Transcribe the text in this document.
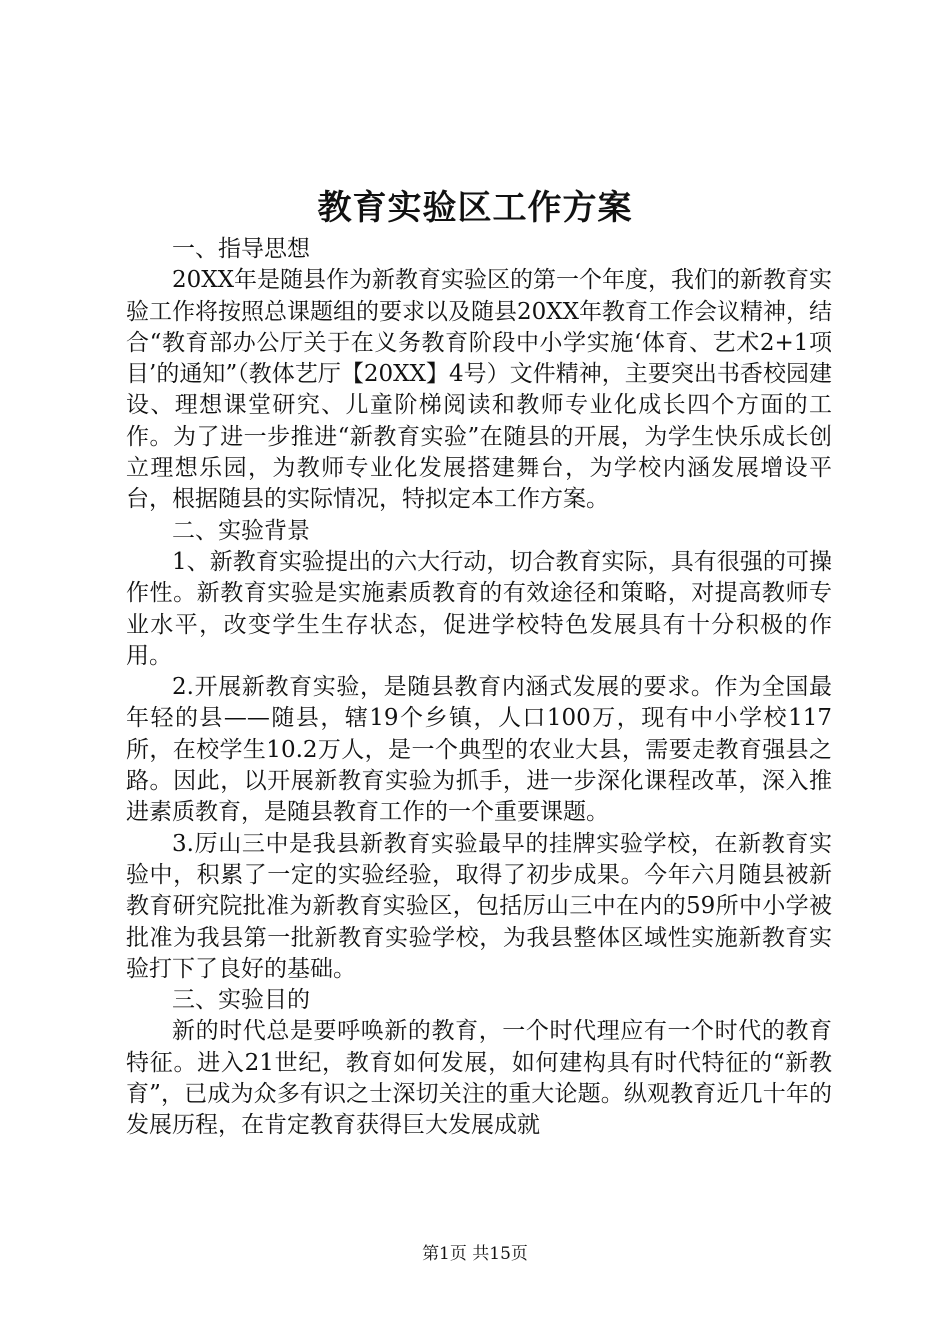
教育实验区工作方案

一、指导思想

20XX年是随县作为新教育实验区的第一个年度，我们的新教育实验工作将按照总课题组的要求以及随县20XX年教育工作会议精神，结合“教育部办公厅关于在义务教育阶段中小学实施‘体育、艺术2+1项目’的通知”（教体艺厅【20XX】4号）文件精神，主要突出书香校园建设、理想课堂研究、儿童阶梯阅读和教师专业化成长四个方面的工作。为了进一步推进“新教育实验”在随县的开展，为学生快乐成长创立理想乐园，为教师专业化发展搭建舞台，为学校内涵发展增设平台，根据随县的实际情况，特拟定本工作方案。

二、实验背景

1、新教育实验提出的六大行动，切合教育实际，具有很强的可操作性。新教育实验是实施素质教育的有效途径和策略，对提高教师专业水平，改变学生生存状态，促进学校特色发展具有十分积极的作用。

2.开展新教育实验，是随县教育内涵式发展的要求。作为全国最年轻的县——随县，辖19个乡镇，人口100万，现有中小学校117所，在校学生10.2万人，是一个典型的农业大县，需要走教育强县之路。因此，以开展新教育实验为抓手，进一步深化课程改革，深入推进素质教育，是随县教育工作的一个重要课题。

3.厉山三中是我县新教育实验最早的挂牌实验学校，在新教育实验中，积累了一定的实验经验，取得了初步成果。今年六月随县被新教育研究院批准为新教育实验区，包括厉山三中在内的59所中小学被批准为我县第一批新教育实验学校，为我县整体区域性实施新教育实验打下了良好的基础。

三、实验目的

新的时代总是要呼唤新的教育，一个时代理应有一个时代的教育特征。进入21世纪，教育如何发展，如何建构具有时代特征的“新教育”，已成为众多有识之士深切关注的重大论题。纵观教育近几十年的发展历程，在肯定教育获得巨大发展成就

第1页 共15页
